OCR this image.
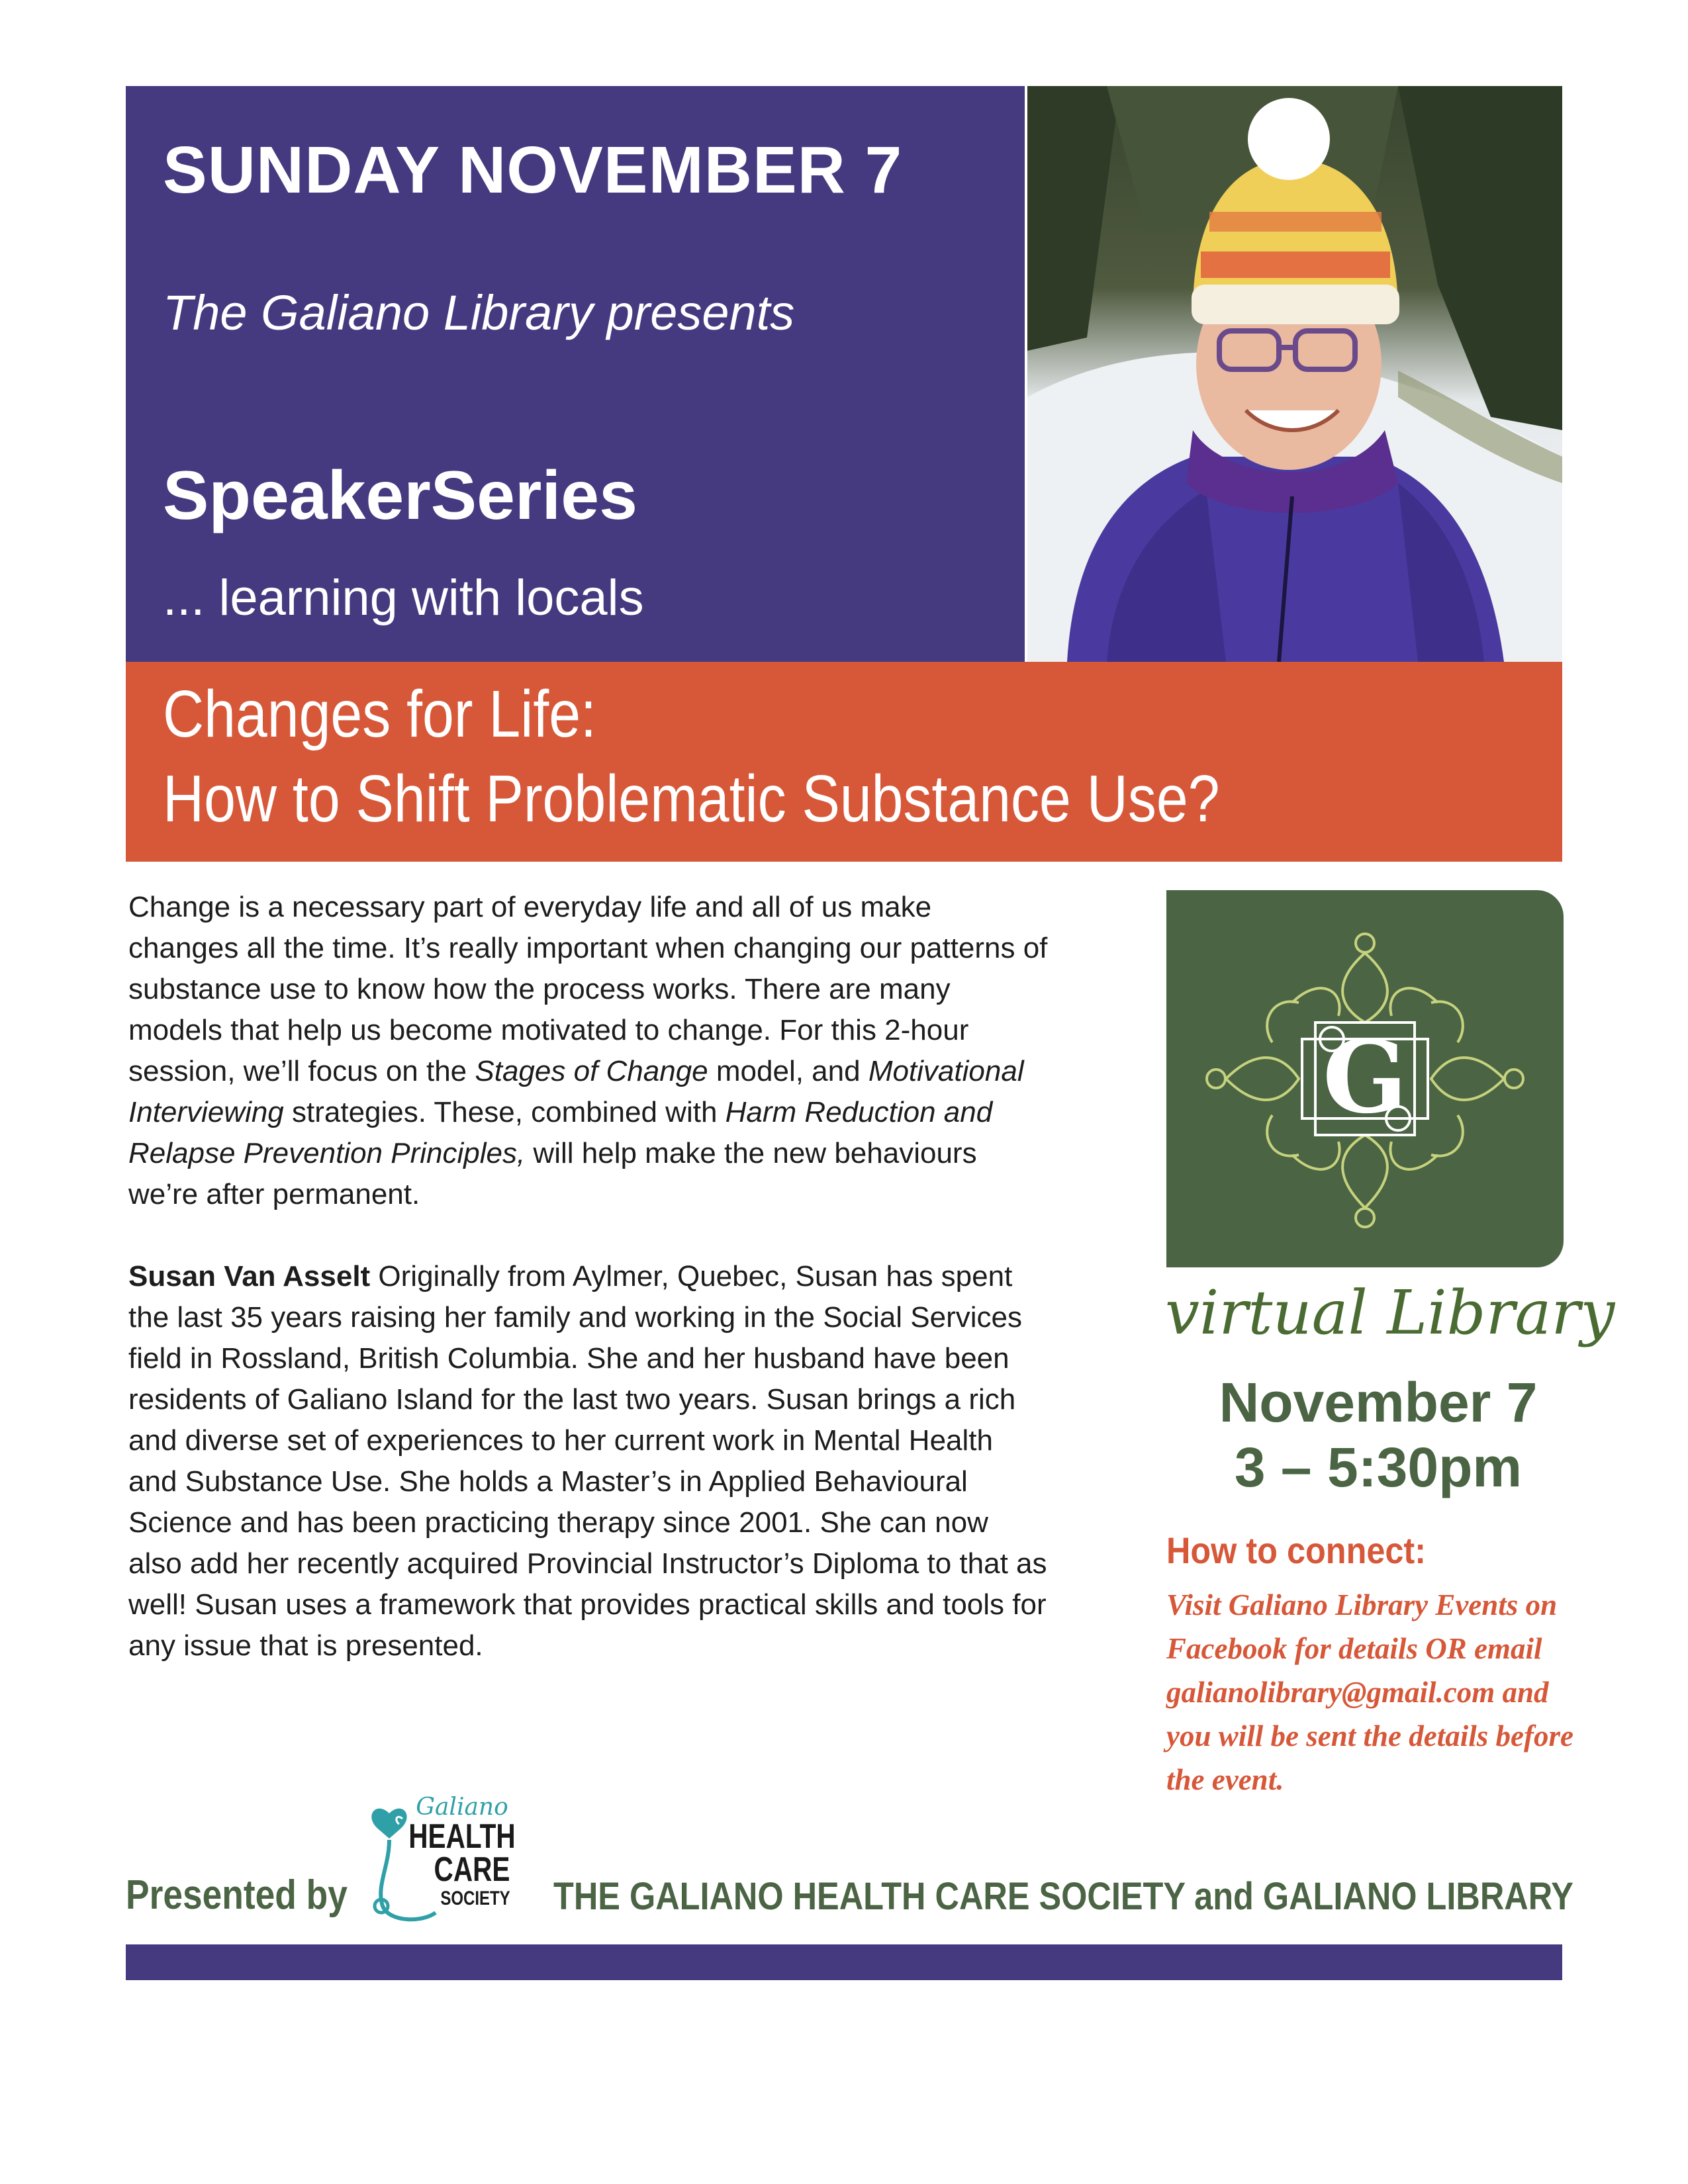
SUNDAY NOVEMBER 7
The Galiano Library presents
SpeakerSeries
... learning with locals
Changes for Life:
How to Shift Problematic Substance Use?

Change is a necessary part of everyday life and all of us make changes all the time. It’s really important when changing our patterns of substance use to know how the process works. There are many models that help us become motivated to change. For this 2-hour session, we’ll focus on the Stages of Change model, and Motivational Interviewing strategies. These, combined with Harm Reduction and Relapse Prevention Principles, will help make the new behaviours we’re after permanent.

Susan Van Asselt Originally from Aylmer, Quebec, Susan has spent the last 35 years raising her family and working in the Social Services field in Rossland, British Columbia. She and her husband have been residents of Galiano Island for the last two years. Susan brings a rich and diverse set of experiences to her current work in Mental Health and Substance Use. She holds a Master’s in Applied Behavioural Science and has been practicing therapy since 2001. She can now also add her recently acquired Provincial Instructor’s Diploma to that as well! Susan uses a framework that provides practical skills and tools for any issue that is presented.

G
virtual Library
November 7
3 – 5:30pm
How to connect:
Visit Galiano Library Events on Facebook for details OR email galianolibrary@gmail.com and you will be sent the details before the event.
Presented by
Galiano
HEALTH
CARE
SOCIETY THE GALIANO HEALTH CARE SOCIETY and GALIANO LIBRARY
